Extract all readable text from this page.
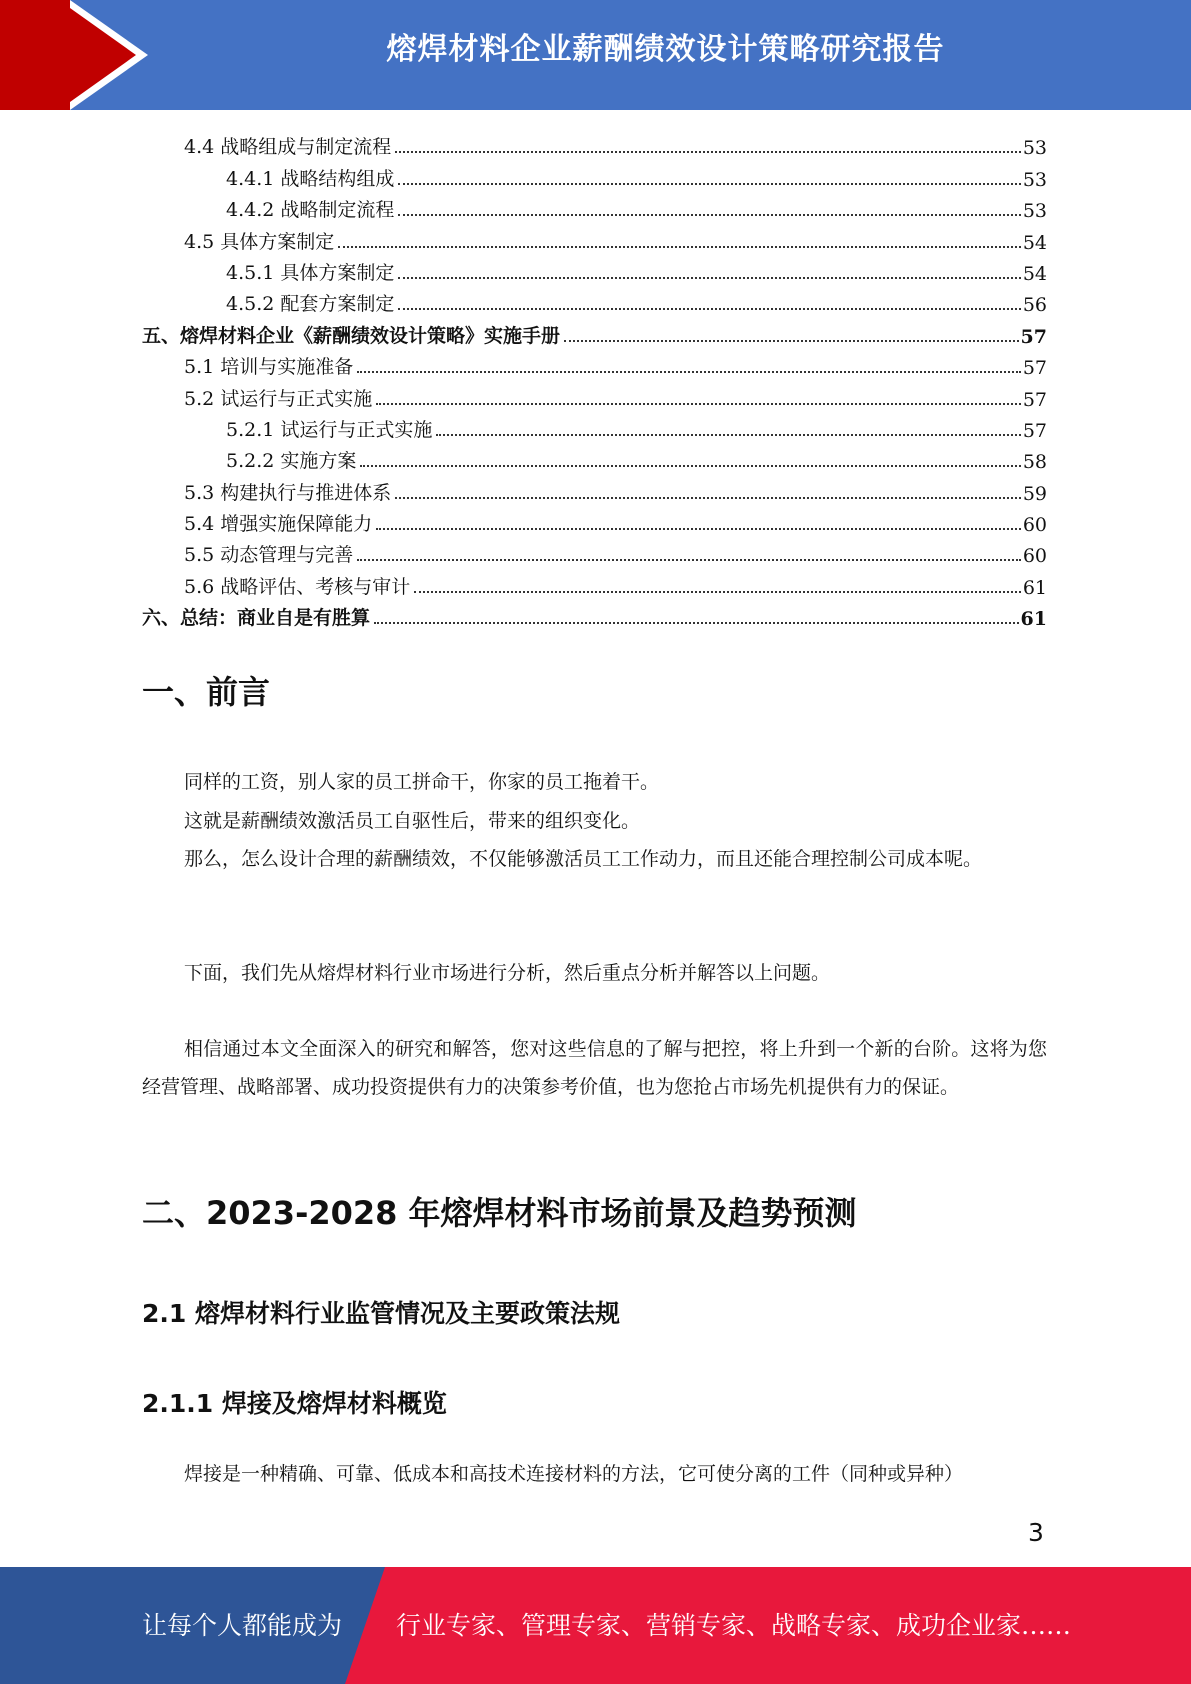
熔焊材料企业薪酬绩效设计策略研究报告
4.4 战略组成与制定流程	53
4.4.1 战略结构组成	53
4.4.2 战略制定流程	53
4.5 具体方案制定	54
4.5.1 具体方案制定	54
4.5.2 配套方案制定	56
五、熔焊材料企业《薪酬绩效设计策略》实施手册	57
5.1 培训与实施准备	57
5.2 试运行与正式实施	57
5.2.1 试运行与正式实施	57
5.2.2 实施方案	58
5.3 构建执行与推进体系	59
5.4 增强实施保障能力	60
5.5 动态管理与完善	60
5.6 战略评估、考核与审计	61
六、总结：商业自是有胜算	61
一、前言
同样的工资，别人家的员工拼命干，你家的员工拖着干。
这就是薪酬绩效激活员工自驱性后，带来的组织变化。
那么，怎么设计合理的薪酬绩效，不仅能够激活员工工作动力，而且还能合理控制公司成本呢。
下面，我们先从熔焊材料行业市场进行分析，然后重点分析并解答以上问题。
相信通过本文全面深入的研究和解答，您对这些信息的了解与把控，将上升到一个新的台阶。这将为您经营管理、战略部署、成功投资提供有力的决策参考价值，也为您抢占市场先机提供有力的保证。
二、2023-2028 年熔焊材料市场前景及趋势预测
2.1 熔焊材料行业监管情况及主要政策法规
2.1.1 焊接及熔焊材料概览
焊接是一种精确、可靠、低成本和高技术连接材料的方法，它可使分离的工件（同种或异种）
3
让每个人都能成为 行业专家、管理专家、营销专家、战略专家、成功企业家……
